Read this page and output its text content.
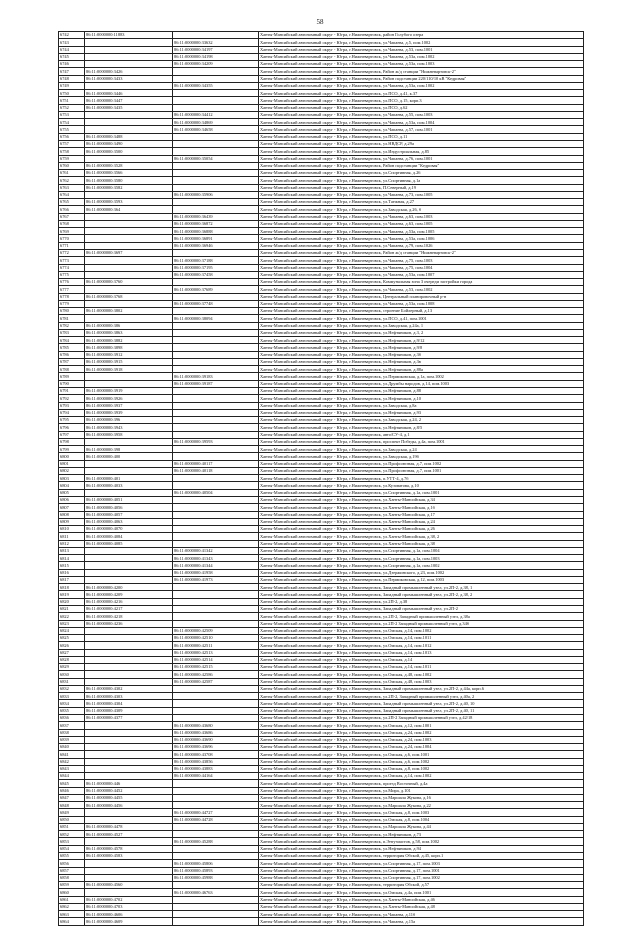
58
6742	86:11:0000000:11883		Ханты-Мансийский автономный округ - Югра, г.Нижневартовск, район Голубого озера
6743		86:11:0000000:33632	Ханты-Мансийский автономный округ - Югра, г.Нижневартовск, ул.Чапаева, д.5, пом.1002
6744		86:11:0000000:34197	Ханты-Мансийский автономный округ - Югра, г.Нижневартовск, ул.Чапаева, д.53, пом.1001
6745		86:11:0000000:34198	Ханты-Мансийский автономный округ - Югра, г.Нижневартовск, ул.Чапаева, д.53а, пом.1002
6746		86:11:0000000:34209	Ханты-Мансийский автономный округ - Югра, г.Нижневартовск, ул.Чапаева, д.53а, пом.1003
6747	86:11:0000000:3426		Ханты-Мансийский автономный округ - Югра, г.Нижневартовск, Район ж/д станции "Нижневартовск-2"
6748	86:11:0000000:3433		Ханты-Мансийский автономный округ - Югра, г.Нижневартовск, Район подстанции 220/110/10 кВ "Кедровая"
6749		86:11:0000000:34355	Ханты-Мансийский автономный округ - Югра, г.Нижневартовск, ул.Чапаева, д.53а, пом.1002
6750	86:11:0000000:3446		Ханты-Мансийский автономный округ - Югра, г.Нижневартовск, ул.ПСО, д.41, к.37
6751	86:11:0000000:3447		Ханты-Мансийский автономный округ - Югра, г.Нижневартовск, ул.ПСО, д.15, корп.3
6752	86:11:0000000:3435		Ханты-Мансийский автономный округ - Югра, г.Нижневартовск, ул.ПСО, д.62
6753		86:11:0000000:34412	Ханты-Мансийский автономный округ - Югра, г.Нижневартовск, ул.Чапаева, д.55, пом.1003
6754		86:11:0000000:34869	Ханты-Мансийский автономный округ - Югра, г.Нижневартовск, ул.Чапаева, д.53а, пом.1004
6755		86:11:0000000:34658	Ханты-Мансийский автономный округ - Югра, г.Нижневартовск, ул.Чапаева, д.57, пом.1001
6756	86:11:0000000:3488		Ханты-Мансийский автономный округ - Югра, г.Нижневартовск, ул.ПСО, д.11
6757	86:11:0000000:3490		Ханты-Мансийский автономный округ - Югра, г.Нижневартовск, ул.НВДСР, д.29а
6758	86:11:0000000:3500		Ханты-Мансийский автономный округ - Югра, г.Нижневартовск, ул.Индустриальная, д.85
6759		86:11:0000000:35054	Ханты-Мансийский автономный округ - Югра, г.Нижневартовск, ул.Чапаева, д.76, пом.1001
6760	86:11:0000000:3528		Ханты-Мансийский автономный округ - Югра, г.Нижневартовск, Район подстанции "Кедровая"
6761	86:11:0000000:3566		Ханты-Мансийский автономный округ - Югра, г.Нижневартовск, ул.Спортивная, д.26
6762	86:11:0000000:3580		Ханты-Мансийский автономный округ - Югра, г.Нижневартовск, ул.Спортивная, д.1а
6763	86:11:0000000:3582		Ханты-Мансийский автономный округ - Югра, г.Нижневартовск, П.Северный, д.19
6764		86:11:0000000:35906	Ханты-Мансийский автономный округ - Югра, г.Нижневартовск, ул.Чапаева, д.73, пом.1005
6765	86:11:0000000:3593		Ханты-Мансийский автономный округ - Югра, г.Нижневартовск, ул.Таежная, д.27
6766	86:11:0000000:364		Ханты-Мансийский автономный округ - Югра, г.Нижневартовск, ул.Заводская, д.26, б
6767		86:11:0000000:36439	Ханты-Мансийский автономный округ - Югра, г.Нижневартовск, ул.Чапаева, д.63, пом.1003
6768		86:11:0000000:36872	Ханты-Мансийский автономный округ - Югра, г.Нижневартовск, ул.Чапаева, д.63, пом.1005
6769		86:11:0000000:36888	Ханты-Мансийский автономный округ - Югра, г.Нижневартовск, ул.Чапаева, д.53а, пом.1005
6770		86:11:0000000:36891	Ханты-Мансийский автономный округ - Югра, г.Нижневартовск, ул.Чапаева, д.53а, пом.1006
6771		86:11:0000000:36946	Ханты-Мансийский автономный округ - Югра, г.Нижневартовск, ул.Чапаева, д.79, пом.1026
6772	86:11:0000000:3697		Ханты-Мансийский автономный округ - Югра, г.Нижневартовск, Район ж/д станции "Нижневартовск-2"
6773		86:11:0000000:37188	Ханты-Мансийский автономный округ - Югра, г.Нижневартовск, ул.Чапаева, д.75, пом.1003
6774		86:11:0000000:37195	Ханты-Мансийский автономный округ - Югра, г.Нижневартовск, ул.Чапаева, д.75, пом.1004
6775		86:11:0000000:37458	Ханты-Мансийский автономный округ - Югра, г.Нижневартовск, ул.Чапаева, д.53а, пом.1007
6776	86:11:0000000:3760		Ханты-Мансийский автономный округ - Югра, г.Нижневартовск, Коммунальная зона 3 очереди застройки города
6777		86:11:0000000:37689	Ханты-Мансийский автономный округ - Югра, г.Нижневартовск, ул.Чапаева, д.53, пом.1002
6778	86:11:0000000:3768		Ханты-Мансийский автономный округ - Югра, г.Нижневартовск, Центральный планировочный р-н
6779		86:11:0000000:37748	Ханты-Мансийский автономный округ - Югра, г.Нижневартовск, ул.Чапаева, д.53а, пом.1008
6780	86:11:0000000:3802		Ханты-Мансийский автономный округ - Югра, г.Нижневартовск, строение Бойлерный, д.13
6781		86:11:0000000:38094	Ханты-Мансийский автономный округ - Югра, г.Нижневартовск, ул.ПСО, д.41, пом.1001
6782	86:11:0000000:386		Ханты-Мансийский автономный округ - Югра, г.Нижневартовск, ул.Заводская, д.24а, 1
6783	86:11:0000000:3863		Ханты-Мансийский автономный округ - Югра, г.Нижневартовск, ул.Нефтяников, д.3, 2
6784	86:11:0000000:3882		Ханты-Мансийский автономный округ - Югра, г.Нижневартовск, ул.Нефтяников, д.9/12
6785	86:11:0000000:3898		Ханты-Мансийский автономный округ - Югра, г.Нижневартовск, ул.Нефтяников, д.9/8
6786	86:11:0000000:3912		Ханты-Мансийский автономный округ - Югра, г.Нижневартовск, ул.Нефтяников, д.3б
6787	86:11:0000000:3915		Ханты-Мансийский автономный округ - Югра, г.Нижневартовск, ул.Нефтяников, д.3в
6788	86:11:0000000:3918		Ханты-Мансийский автономный округ - Югра, г.Нижневартовск, ул.Нефтяников, д.88а
6789		86:11:0000000:39183	Ханты-Мансийский автономный округ - Югра, г.Нижневартовск, ул.Пермиковская, д.1а, пом.1002
6790		86:11:0000000:39187	Ханты-Мансийский автономный округ - Югра, г.Нижневартовск, ул.Дружбы народов, д.14, пом.1003
6791	86:11:0000000:3919		Ханты-Мансийский автономный округ - Югра, г.Нижневартовск, ул.Нефтяников, д.88
6792	86:11:0000000:3926		Ханты-Мансийский автономный округ - Югра, г.Нижневартовск, ул.Нефтяников, д.10
6793	86:11:0000000:3937		Ханты-Мансийский автономный округ - Югра, г.Нижневартовск, ул.Заводская, д.8а
6794	86:11:0000000:3939		Ханты-Мансийский автономный округ - Югра, г.Нижневартовск, ул.Нефтяников, д.93
6795	86:11:0000000:396		Ханты-Мансийский автономный округ - Югра, г.Нижневартовск, ул.Заводская, д.24, 2
6796	86:11:0000000:3943		Ханты-Мансийский автономный округ - Югра, г.Нижневартовск, ул.Нефтяников, д.8/5
6797	86:11:0000000:3958		Ханты-Мансийский автономный округ - Югра, г.Нижневартовск, авто/СУ-4, д.1
6798		86:11:0000000:39593	Ханты-Мансийский автономный округ - Югра, г.Нижневартовск, проспект Победы, д.4а, пом.1001
6799	86:11:0000000:398		Ханты-Мансийский автономный округ - Югра, г.Нижневартовск, ул.Заводская, д.24
6800	86:11:0000000:400		Ханты-Мансийский автономный округ - Югра, г.Нижневартовск, ул.Заводская, д.19б
6801		86:11:0000000:40117	Ханты-Мансийский автономный округ - Югра, г.Нижневартовск, ул.Профсоюзная, д.7, пом.1002
6802		86:11:0000000:40118	Ханты-Мансийский автономный округ - Югра, г.Нижневартовск, ул.Профсоюзная, д.7, пом.1001
6803	86:11:0000000:401		Ханты-Мансийский автономный округ - Югра, г.Нижневартовск, п.УТТ-4, д.7б
6804	86:11:0000000:4033		Ханты-Мансийский автономный округ - Югра, г.Нижневартовск, ул.Кузоватова, д.10
6805		86:11:0000000:40504	Ханты-Мансийский автономный округ - Югра, г.Нижневартовск, ул.Спортивная, д.1а, пом.1001
6806	86:11:0000000:4051		Ханты-Мансийский автономный округ - Югра, г.Нижневартовск, ул.Ханты-Мансийская, д.34
6807	86:11:0000000:4056		Ханты-Мансийский автономный округ - Югра, г.Нижневартовск, ул.Ханты-Мансийская, д.1б
6808	86:11:0000000:4057		Ханты-Мансийский автономный округ - Югра, г.Нижневартовск, ул.Ханты-Мансийская, д.17
6809	86:11:0000000:4063		Ханты-Мансийский автономный округ - Югра, г.Нижневартовск, ул.Ханты-Мансийская, д.24
6810	86:11:0000000:4070		Ханты-Мансийский автономный округ - Югра, г.Нижневартовск, ул.Ханты-Мансийская, д.26
6811	86:11:0000000:4084		Ханты-Мансийский автономный округ - Югра, г.Нижневартовск, ул.Ханты-Мансийская, д.38, 2
6812	86:11:0000000:4085		Ханты-Мансийский автономный округ - Югра, г.Нижневартовск, ул.Ханты-Мансийская, д.38
6813		86:11:0000000:41342	Ханты-Мансийский автономный округ - Югра, г.Нижневартовск, ул.Спортивная, д.1а, пом.1004
6814		86:11:0000000:41343	Ханты-Мансийский автономный округ - Югра, г.Нижневартовск, ул.Спортивная, д.1а, пом.1003
6815		86:11:0000000:41344	Ханты-Мансийский автономный округ - Югра, г.Нижневартовск, ул.Спортивная, д.1а, пом.1002
6816		86:11:0000000:41958	Ханты-Мансийский автономный округ - Югра, г.Нижневартовск, ул.Дзержинского, д.23, пом.1002
6817		86:11:0000000:41973	Ханты-Мансийский автономный округ - Югра, г.Нижневартовск, ул.Пермиковская, д.12, пом.1003
6818	86:11:0000000:4200		Ханты-Мансийский автономный округ - Югра, г.Нижневартовск, Западный промышленный узел, ул.2П-2, д.38, 1
6819	86:11:0000000:4209		Ханты-Мансийский автономный округ - Югра, г.Нижневартовск, Западный промышленный узел, ул.2П-2, д.38, 2
6820	86:11:0000000:4216		Ханты-Мансийский автономный округ - Югра, г.Нижневартовск, ул.2П-2, д.38
6821	86:11:0000000:4217		Ханты-Мансийский автономный округ - Югра, г.Нижневартовск, Западный промышленный узел, ул.2П-2
6822	86:11:0000000:4218		Ханты-Мансийский автономный округ - Югра, г.Нижневартовск, ул.2П-2, Западный промышленный узел, д.38а
6823	86:11:0000000:4236		Ханты-Мансийский автономный округ - Югра, г.Нижневартовск, ул.2П-2 Западный промышленный узел, д.34б
6824		86:11:0000000:42509	Ханты-Мансийский автономный округ - Югра, г.Нижневартовск, ул.Омская, д.14, пом.1002
6825		86:11:0000000:42510	Ханты-Мансийский автономный округ - Югра, г.Нижневартовск, ул.Омская, д.14, пом.1011
6826		86:11:0000000:42511	Ханты-Мансийский автономный округ - Югра, г.Нижневартовск, ул.Омская, д.14, пом.1012
6827		86:11:0000000:42513	Ханты-Мансийский автономный округ - Югра, г.Нижневартовск, ул.Омская, д.14, пом.1013
6828		86:11:0000000:42514	Ханты-Мансийский автономный округ - Югра, г.Нижневартовск, ул.Омская, д.14
6829		86:11:0000000:42515	Ханты-Мансийский автономный округ - Югра, г.Нижневартовск, ул.Омская, д.14, пом.1011
6830		86:11:0000000:42586	Ханты-Мансийский автономный округ - Югра, г.Нижневартовск, ул.Омская, д.48, пом.1002
6831		86:11:0000000:42587	Ханты-Мансийский автономный округ - Югра, г.Нижневартовск, ул.Омская, д.48, пом.1003
6832	86:11:0000000:4302		Ханты-Мансийский автономный округ - Югра, г.Нижневартовск, Западный промышленный узел, ул.2П-2, д.44а, корп.6
6833	86:11:0000000:4303		Ханты-Мансийский автономный округ - Югра, г.Нижневартовск, ул.2П-2, Западный промышленный узел, д.40а, 2
6834	86:11:0000000:4304		Ханты-Мансийский автономный округ - Югра, г.Нижневартовск, Западный промышленный узел, ул.2П-2, д.40, 10
6835	86:11:0000000:4309		Ханты-Мансийский автономный округ - Югра, г.Нижневартовск, Западный промышленный узел, ул.2П-2, д.40, 11
6836	86:11:0000000:4377		Ханты-Мансийский автономный округ - Югра, г.Нижневартовск, ул.2П-2 Западный промышленный узел, д.42/18
6837		86:11:0000000:43680	Ханты-Мансийский автономный округ - Югра, г.Нижневартовск, ул.Омская, д.12, пом.1001
6838		86:11:0000000:43686	Ханты-Мансийский автономный округ - Югра, г.Нижневартовск, ул.Омская, д.24, пом.1002
6839		86:11:0000000:43690	Ханты-Мансийский автономный округ - Югра, г.Нижневартовск, ул.Омская, д.24, пом.1003
6840		86:11:0000000:43696	Ханты-Мансийский автономный округ - Югра, г.Нижневартовск, ул.Омская, д.24, пом.1004
6841		86:11:0000000:43708	Ханты-Мансийский автономный округ - Югра, г.Нижневартовск, ул.Омская, д.6, пом.1001
6842		86:11:0000000:43856	Ханты-Мансийский автономный округ - Югра, г.Нижневартовск, ул.Омская, д.6, пом.1002
6843		86:11:0000000:43883	Ханты-Мансийский автономный округ - Югра, г.Нижневартовск, ул.Омская, д.8, пом.1002
6844		86:11:0000000:44164	Ханты-Мансийский автономный округ - Югра, г.Нижневартовск, ул.Омская, д.14, пом.1002
6845	86:11:0000000:446		Ханты-Мансийский автономный округ - Югра, г.Нижневартовск, проезд Восточный, д.4а
6846	86:11:0000000:4452		Ханты-Мансийский автономный округ - Югра, г.Нижневартовск, ул.Мира, д.101
6847	86:11:0000000:4455		Ханты-Мансийский автономный округ - Югра, г.Нижневартовск, ул.Маршала Жукова, д.16
6848	86:11:0000000:4456		Ханты-Мансийский автономный округ - Югра, г.Нижневартовск, ул.Маршала Жукова, д.22
6849		86:11:0000000:44727	Ханты-Мансийский автономный округ - Югра, г.Нижневартовск, ул.Омская, д.8, пом.1003
6850		86:11:0000000:44728	Ханты-Мансийский автономный округ - Югра, г.Нижневартовск, ул.Омская, д.8, пом.1004
6851	86:11:0000000:4478		Ханты-Мансийский автономный округ - Югра, г.Нижневартовск, ул.Маршала Жукова, д.44
6852	86:11:0000000:4527		Ханты-Мансийский автономный округ - Югра, г.Нижневартовск, ул.Нефтяников, д.73
6853		86:11:0000000:45288	Ханты-Мансийский автономный округ - Югра, г.Нижневартовск, п.Энтузиастов, д.58, пом.1002
6854	86:11:0000000:4578		Ханты-Мансийский автономный округ - Югра, г.Нижневартовск, ул.Нефтяников, д.94
6855	86:11:0000000:4583		Ханты-Мансийский автономный округ - Югра, г.Нижневартовск, территория Обской, д.45, корп.1
6856		86:11:0000000:45806	Ханты-Мансийский автономный округ - Югра, г.Нижневартовск, ул.Спортивная, д.17, пом.1003
6857		86:11:0000000:45893	Ханты-Мансийский автономный округ - Югра, г.Нижневартовск, ул.Спортивная, д.17, пом.1001
6858		86:11:0000000:45988	Ханты-Мансийский автономный округ - Югра, г.Нижневартовск, ул.Спортивная, д.17, пом.1002
6859	86:11:0000000:4560		Ханты-Мансийский автономный округ - Югра, г.Нижневартовск, территория Обской, д.57
6860		86:11:0000000:46763	Ханты-Мансийский автономный округ - Югра, г.Нижневартовск, ул.Омская, д.4а, пом.1001
6861	86:11:0000000:4702		Ханты-Мансийский автономный округ - Югра, г.Нижневартовск, ул.Ханты-Мансийская, д.46
6862	86:11:0000000:4703		Ханты-Мансийский автономный округ - Югра, г.Нижневартовск, ул.Ханты-Мансийская, д.48
6863	86:11:0000000:4606		Ханты-Мансийский автономный округ - Югра, г.Нижневартовск, ул.Чапаева, д.11б
6864	86:11:0000000:4609		Ханты-Мансийский автономный округ - Югра, г.Нижневартовск, ул.Чапаева, д.15а
